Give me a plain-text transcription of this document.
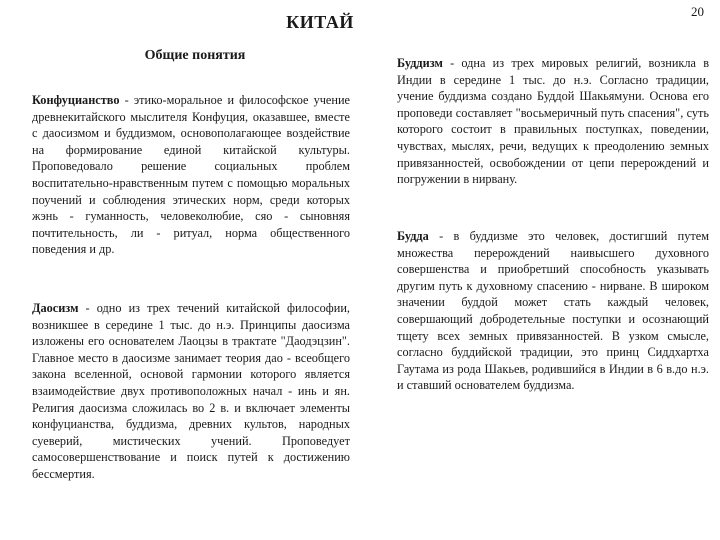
20
КИТАЙ
Общие понятия

Конфуцианство - этико-моральное и философское учение древнекитайского мыслителя Конфуция, оказавшее, вместе с даосизмом и буддизмом, основополагающее воздействие на формирование единой китайской культуры. Проповедовало решение социальных проблем воспитательно-нравственным путем с помощью моральных поучений и соблюдения этических норм, среди которых жэнь - гуманность, человеколюбие, сяо - сыновняя почтительность, ли - ритуал, норма общественного поведения и др.

Даосизм - одно из трех течений китайской философии, возникшее в середине 1 тыс. до н.э. Принципы даосизма изложены его основателем Лаоцзы в трактате "Даодэцзин". Главное место в даосизме занимает теория дао - всеобщего закона вселенной, основой гармонии которого является взаимодействие двух противоположных начал - инь и ян. Религия даосизма сложилась во 2 в. и включает элементы конфуцианства, буддизма, древних культов, народных суеверий, мистических учений. Проповедует самосовершенствование и поиск путей к достижению бессмертия.

Буддизм - одна из трех мировых религий, возникла в Индии в середине 1 тыс. до н.э. Согласно традиции, учение буддизма создано Буддой Шакьямуни. Основа его проповеди составляет "восьмеричный путь спасения", суть которого состоит в правильных поступках, поведении, чувствах, мыслях, речи, ведущих к преодолению земных привязанностей, освобождении от цепи перерождений и погружении в нирвану.

Будда - в буддизме это человек, достигший путем множества перерождений наивысшего духовного совершенства и приобретший способность указывать другим путь к духовному спасению - нирване. В широком значении буддой может стать каждый человек, совершающий добродетельные поступки и осознающий тщету всех земных привязанностей. В узком смысле, согласно буддийской традиции, это принц Сиддхартха Гаутама из рода Шакьев, родившийся в Индии в 6 в.до н.э. и ставший основателем буддизма.
